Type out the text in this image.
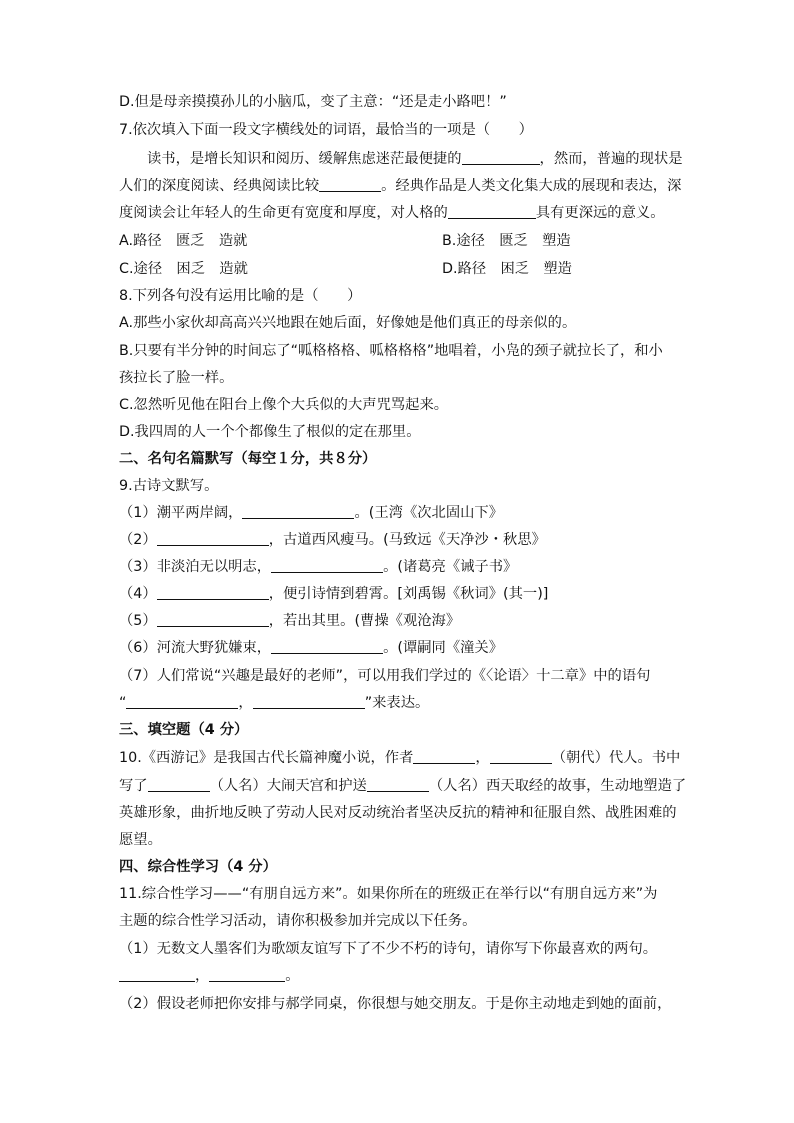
D.但是母亲摸摸孙儿的小脑瓜，变了主意：“还是走小路吧！”
7.依次填入下面一段文字横线处的词语，最恰当的一项是（　　）
读书，是增长知识和阅历、缓解焦虑迷茫最便捷的	，然而，普遍的现状是
人们的深度阅读、经典阅读比较	。经典作品是人类文化集大成的展现和表达，深
度阅读会让年轻人的生命更有宽度和厚度，对人格的	具有更深远的意义。
A.路径　匮乏　造就	B.途径　匮乏　塑造
C.途径　困乏　造就	D.路径　困乏　塑造
8.下列各句没有运用比喻的是（　　）
A.那些小家伙却高高兴兴地跟在她后面，好像她是他们真正的母亲似的。
B.只要有半分钟的时间忘了“呱格格格、呱格格格”地唱着，小凫的颈子就拉长了，和小
孩拉长了脸一样。
C.忽然听见他在阳台上像个大兵似的大声咒骂起来。
D.我四周的人一个个都像生了根似的定在那里。
二、名句名篇默写（每空１分，共８分）
9.古诗文默写。
（1）潮平两岸阔，	。(王湾《次北固山下》
（2）	，古道西风瘦马。(马致远《天净沙・秋思》
（3）非淡泊无以明志，	。(诸葛亮《诫子书》
（4）	，便引诗情到碧霄。[刘禹锡《秋词》(其一)]
（5）	，若出其里。(曹操《观沧海》
（6）河流大野犹嫌束，	。(谭嗣同《潼关》
（7）人们常说“兴趣是最好的老师”，可以用我们学过的《〈论语〉十二章》中的语句
“	，	”来表达。
三、填空题（4 分）
10.《西游记》是我国古代长篇神魔小说，作者	，	（朝代）代人。书中
写了	（人名）大闹天宫和护送	（人名）西天取经的故事，生动地塑造了
英雄形象，曲折地反映了劳动人民对反动统治者坚决反抗的精神和征服自然、战胜困难的
愿望。
四、综合性学习（4 分）
11.综合性学习——“有朋自远方来”。如果你所在的班级正在举行以“有朋自远方来”为
主题的综合性学习活动，请你积极参加并完成以下任务。
（1）无数文人墨客们为歌颂友谊写下了不少不朽的诗句，请你写下你最喜欢的两句。
，	。
（2）假设老师把你安排与郝学同桌，你很想与她交朋友。于是你主动地走到她的面前，
